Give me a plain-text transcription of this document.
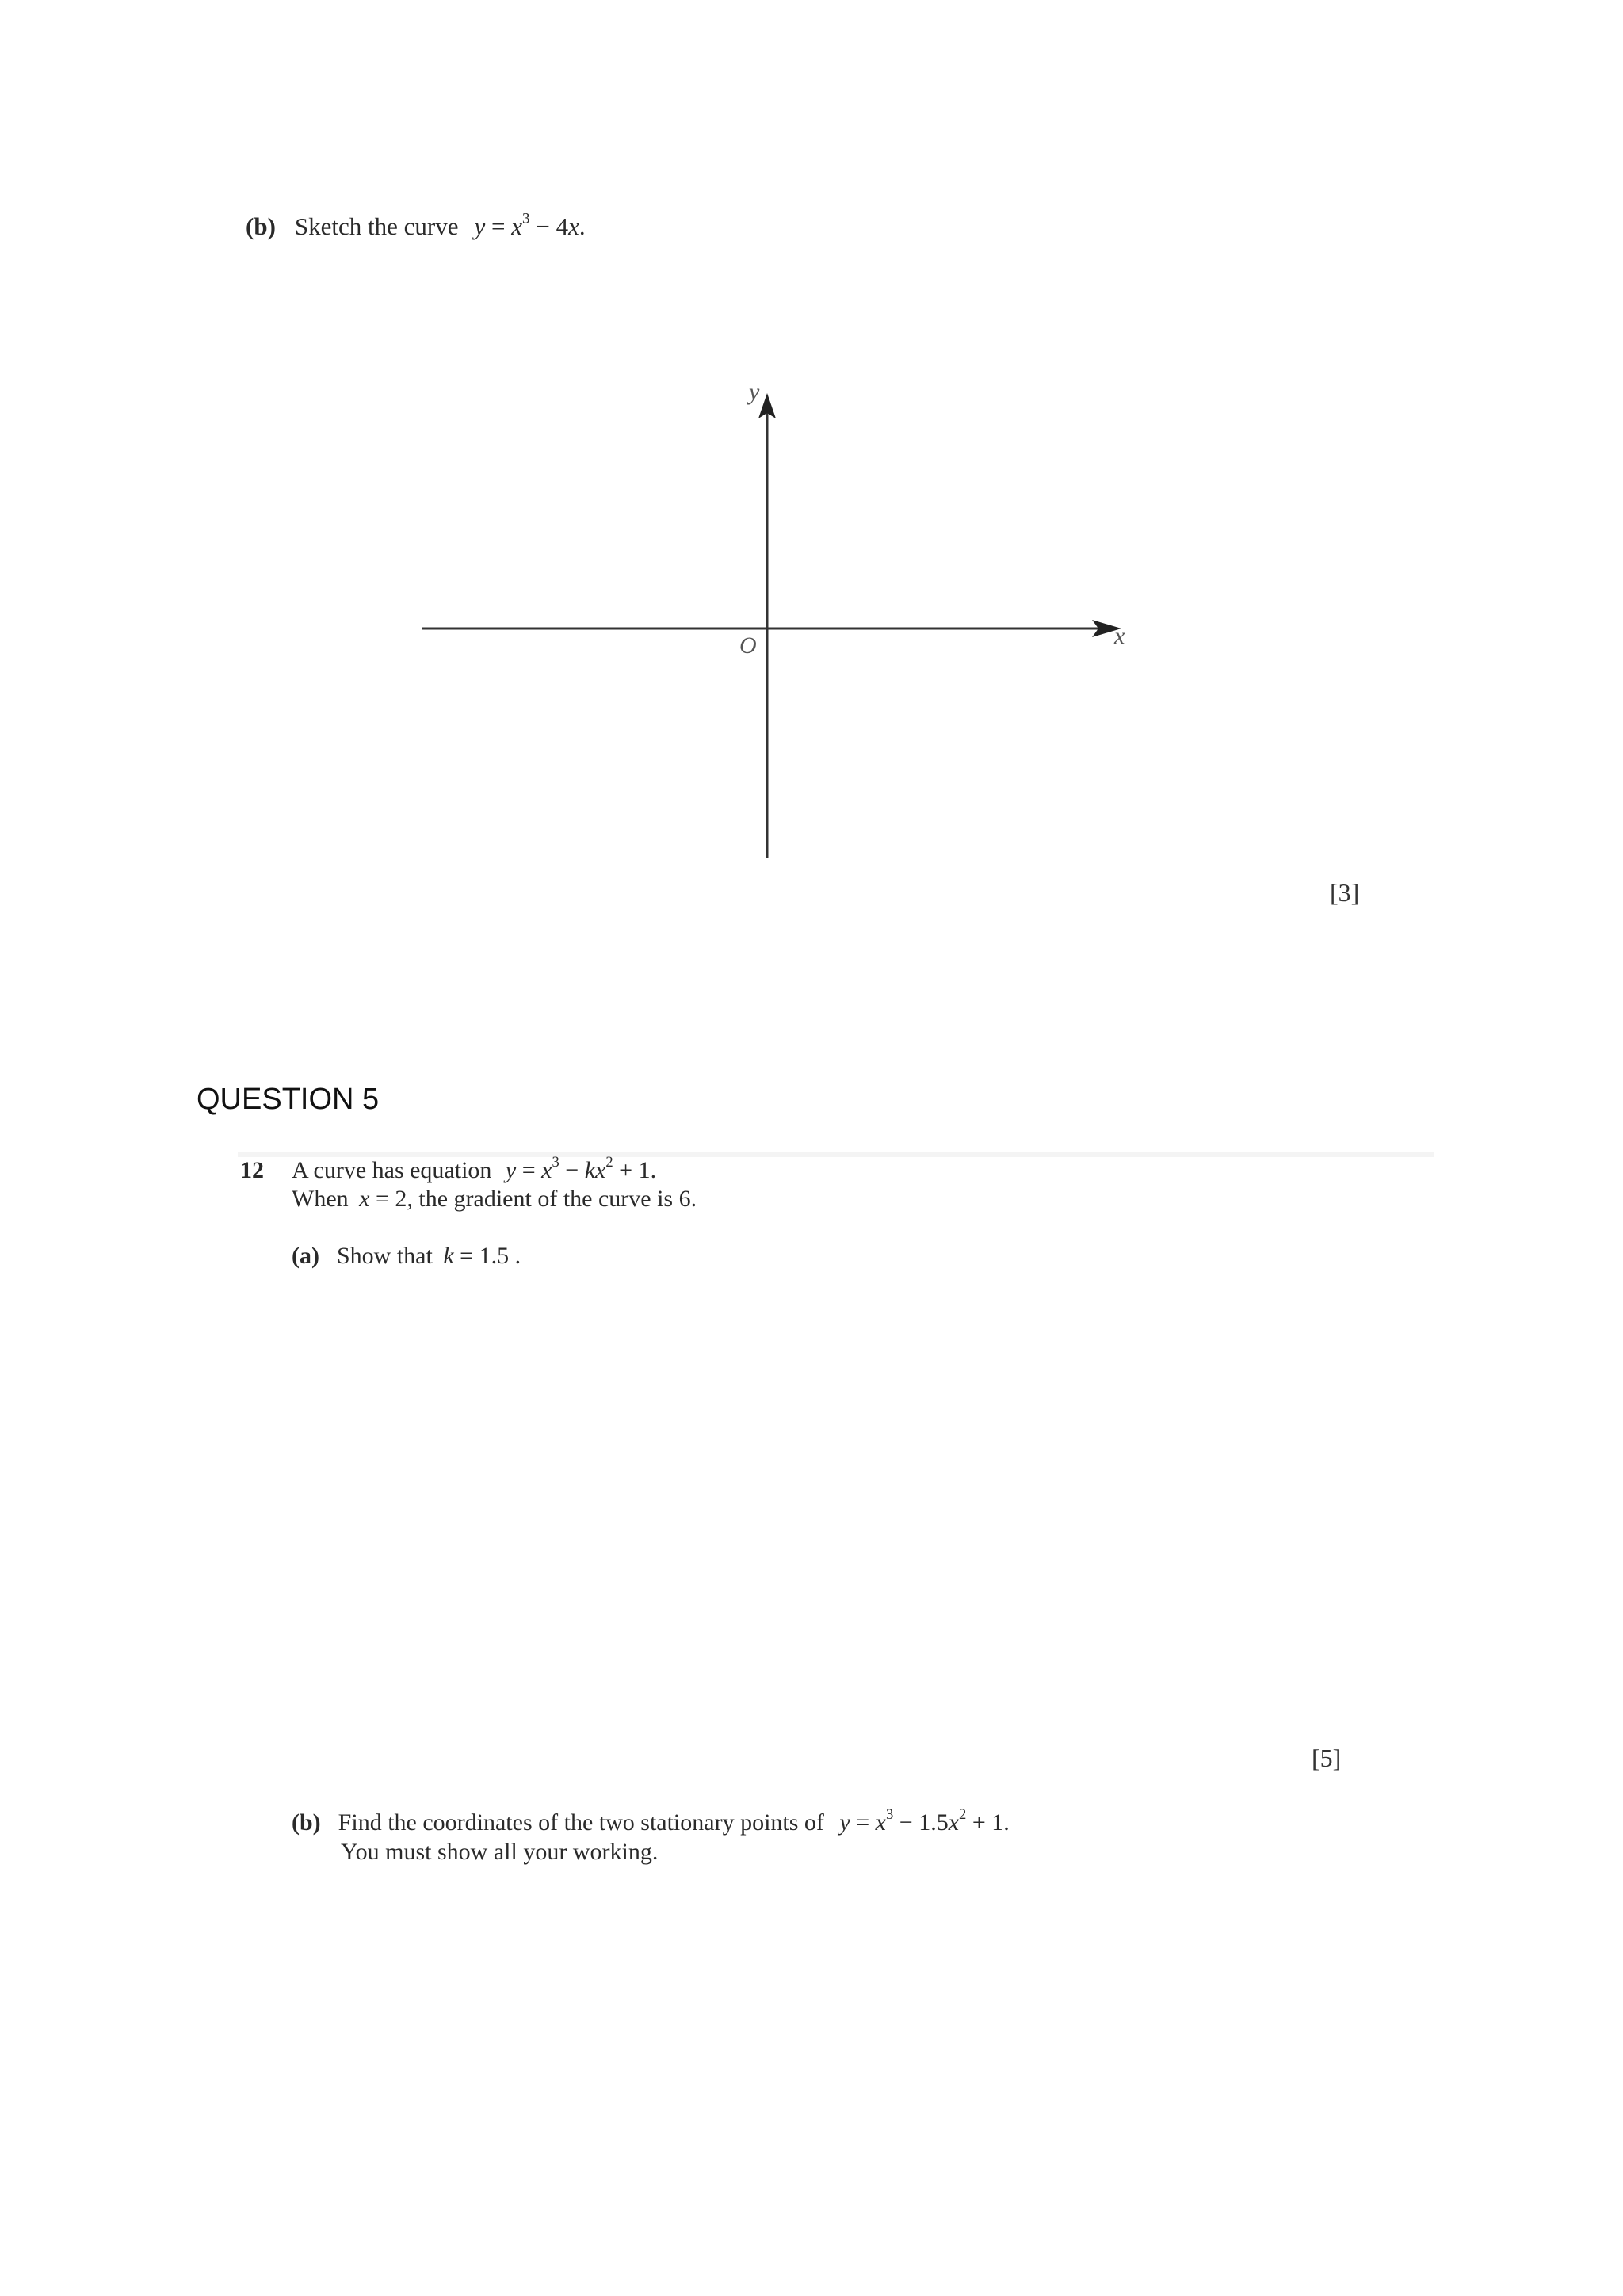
(b) Sketch the curve $y = x^3 - 4x$.
y
x
O
[3]
QUESTION 5
12 A curve has equation $y = x^3 - kx^2 + 1$.
When x = 2, the gradient of the curve is 6.
(a) Show that k = 1.5 .
[5]
(b) Find the coordinates of the two stationary points of $y = x^3 - 1.5x^2 + 1$.
You must show all your working.
